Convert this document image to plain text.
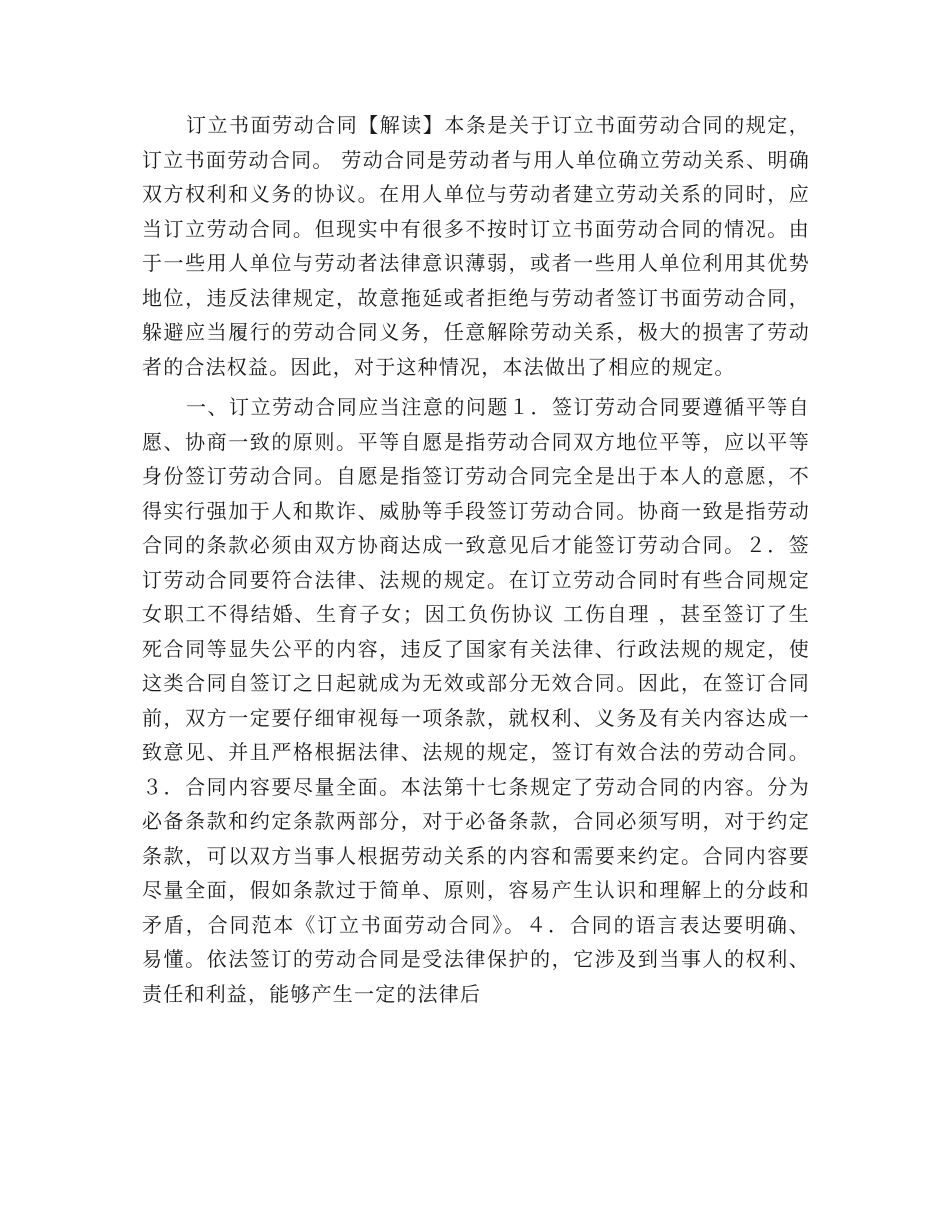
订立书面劳动合同【解读】本条是关于订立书面劳动合同的规定，订立书面劳动合同。 劳动合同是劳动者与用人单位确立劳动关系、明确双方权利和义务的协议。在用人单位与劳动者建立劳动关系的同时，应当订立劳动合同。但现实中有很多不按时订立书面劳动合同的情况。由于一些用人单位与劳动者法律意识薄弱，或者一些用人单位利用其优势地位，违反法律规定，故意拖延或者拒绝与劳动者签订书面劳动合同，躲避应当履行的劳动合同义务，任意解除劳动关系，极大的损害了劳动者的合法权益。因此，对于这种情况，本法做出了相应的规定。

一、订立劳动合同应当注意的问题１．签订劳动合同要遵循平等自愿、协商一致的原则。平等自愿是指劳动合同双方地位平等，应以平等身份签订劳动合同。自愿是指签订劳动合同完全是出于本人的意愿，不得实行强加于人和欺诈、威胁等手段签订劳动合同。协商一致是指劳动合同的条款必须由双方协商达成一致意见后才能签订劳动合同。２．签订劳动合同要符合法律、法规的规定。在订立劳动合同时有些合同规定女职工不得结婚、生育子女；因工负伤协议 工伤自理 ，甚至签订了生死合同等显失公平的内容，违反了国家有关法律、行政法规的规定，使这类合同自签订之日起就成为无效或部分无效合同。因此，在签订合同前，双方一定要仔细审视每一项条款，就权利、义务及有关内容达成一致意见、并且严格根据法律、法规的规定，签订有效合法的劳动合同。３．合同内容要尽量全面。本法第十七条规定了劳动合同的内容。分为必备条款和约定条款两部分，对于必备条款，合同必须写明，对于约定条款，可以双方当事人根据劳动关系的内容和需要来约定。合同内容要尽量全面，假如条款过于简单、原则，容易产生认识和理解上的分歧和矛盾，合同范本《订立书面劳动合同》。４．合同的语言表达要明确、易懂。依法签订的劳动合同是受法律保护的，它涉及到当事人的权利、责任和利益，能够产生一定的法律后
